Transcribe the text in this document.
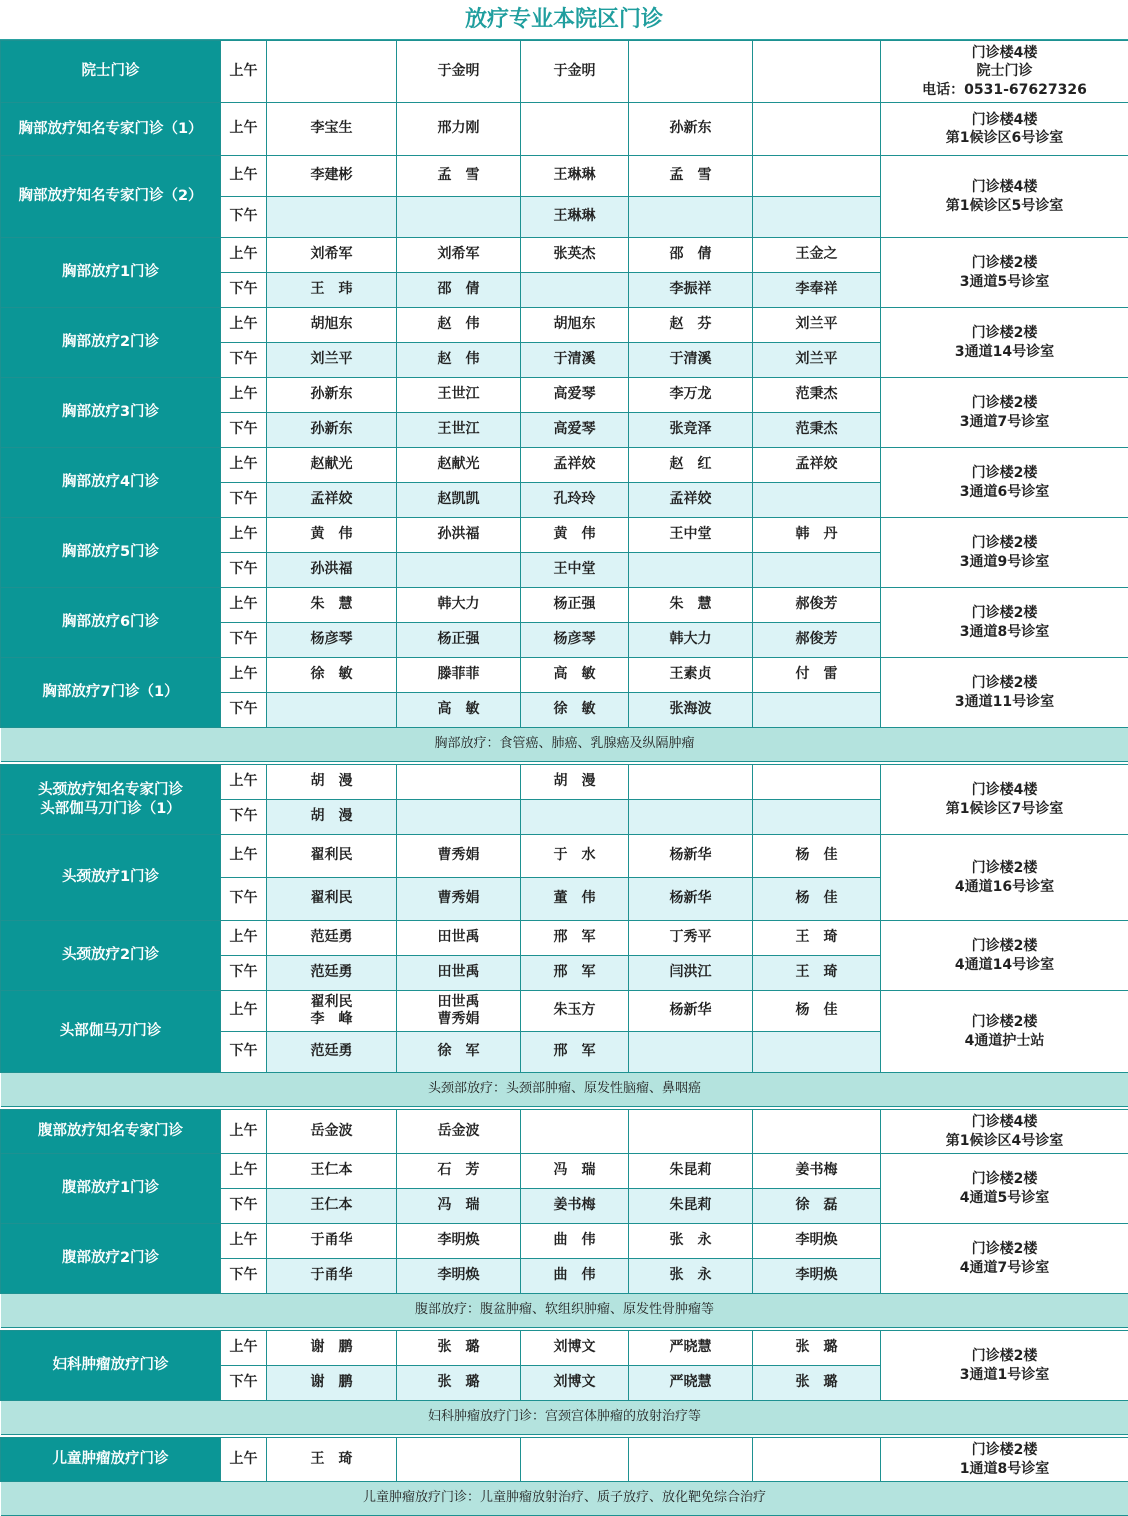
放疗专业本院区门诊
院士门诊	上午		于金明	于金明			门诊楼4楼
院士门诊
电话：0531-67627326

胸部放疗知名专家门诊（1）	上午	李宝生	邢力刚		孙新东		门诊楼4楼
第1候诊区6号诊室

胸部放疗知名专家门诊（2）	上午	李建彬	孟　雪	王琳琳	孟　雪		门诊楼4楼
第1候诊区5号诊室

	下午			王琳琳			

胸部放疗1门诊	上午	刘希军	刘希军	张英杰	邵　倩	王金之	门诊楼2楼
3通道5号诊室

	下午	王　玮	邵　倩		李振祥	李奉祥	

胸部放疗2门诊	上午	胡旭东	赵　伟	胡旭东	赵　芬	刘兰平	门诊楼2楼
3通道14号诊室

	下午	刘兰平	赵　伟	于清溪	于清溪	刘兰平	

胸部放疗3门诊	上午	孙新东	王世江	高爱琴	李万龙	范秉杰	门诊楼2楼
3通道7号诊室

	下午	孙新东	王世江	高爱琴	张竞泽	范秉杰	

胸部放疗4门诊	上午	赵献光	赵献光	孟祥姣	赵　红	孟祥姣	门诊楼2楼
3通道6号诊室

	下午	孟祥姣	赵凯凯	孔玲玲	孟祥姣		

胸部放疗5门诊	上午	黄　伟	孙洪福	黄　伟	王中堂	韩　丹	门诊楼2楼
3通道9号诊室

	下午	孙洪福		王中堂			

胸部放疗6门诊	上午	朱　慧	韩大力	杨正强	朱　慧	郝俊芳	门诊楼2楼
3通道8号诊室

	下午	杨彦琴	杨正强	杨彦琴	韩大力	郝俊芳	

胸部放疗7门诊（1）	上午	徐　敏	滕菲菲	高　敏	王素贞	付　雷	门诊楼2楼
3通道11号诊室

	下午		高　敏	徐　敏	张海波		
胸部放疗：食管癌、肺癌、乳腺癌及纵隔肿瘤							

头颈放疗知名专家门诊
头部伽马刀门诊（1）	上午	胡　漫		胡　漫			门诊楼4楼
第1候诊区7号诊室

	下午	胡　漫					

头颈放疗1门诊	上午	翟利民	曹秀娟	于　水	杨新华	杨　佳	门诊楼2楼
4通道16号诊室

	下午	翟利民	曹秀娟	董　伟	杨新华	杨　佳	

头颈放疗2门诊	上午	范廷勇	田世禹	邢　军	丁秀平	王　琦	门诊楼2楼
4通道14号诊室

	下午	范廷勇	田世禹	邢　军	闫洪江	王　琦	

头部伽马刀门诊	上午	翟利民
李　峰	田世禹
曹秀娟	朱玉方	杨新华	杨　佳	门诊楼2楼
4通道护士站

	下午	范廷勇	徐　军	邢　军			
头颈部放疗：头颈部肿瘤、原发性脑瘤、鼻咽癌							

腹部放疗知名专家门诊	上午	岳金波	岳金波				门诊楼4楼
第1候诊区4号诊室

腹部放疗1门诊	上午	王仁本	石　芳	冯　瑞	朱昆莉	姜书梅	门诊楼2楼
4通道5号诊室

	下午	王仁本	冯　瑞	姜书梅	朱昆莉	徐　磊	

腹部放疗2门诊	上午	于甬华	李明焕	曲　伟	张　永	李明焕	门诊楼2楼
4通道7号诊室

	下午	于甬华	李明焕	曲　伟	张　永	李明焕	
腹部放疗：腹盆肿瘤、软组织肿瘤、原发性骨肿瘤等							

妇科肿瘤放疗门诊	上午	谢　鹏	张　璐	刘博文	严晓慧	张　璐	门诊楼2楼
3通道1号诊室

	下午	谢　鹏	张　璐	刘博文	严晓慧	张　璐	
妇科肿瘤放疗门诊：宫颈宫体肿瘤的放射治疗等							

儿童肿瘤放疗门诊	上午	王　琦					门诊楼2楼
1通道8号诊室

儿童肿瘤放疗门诊：儿童肿瘤放射治疗、质子放疗、放化靶免综合治疗							
